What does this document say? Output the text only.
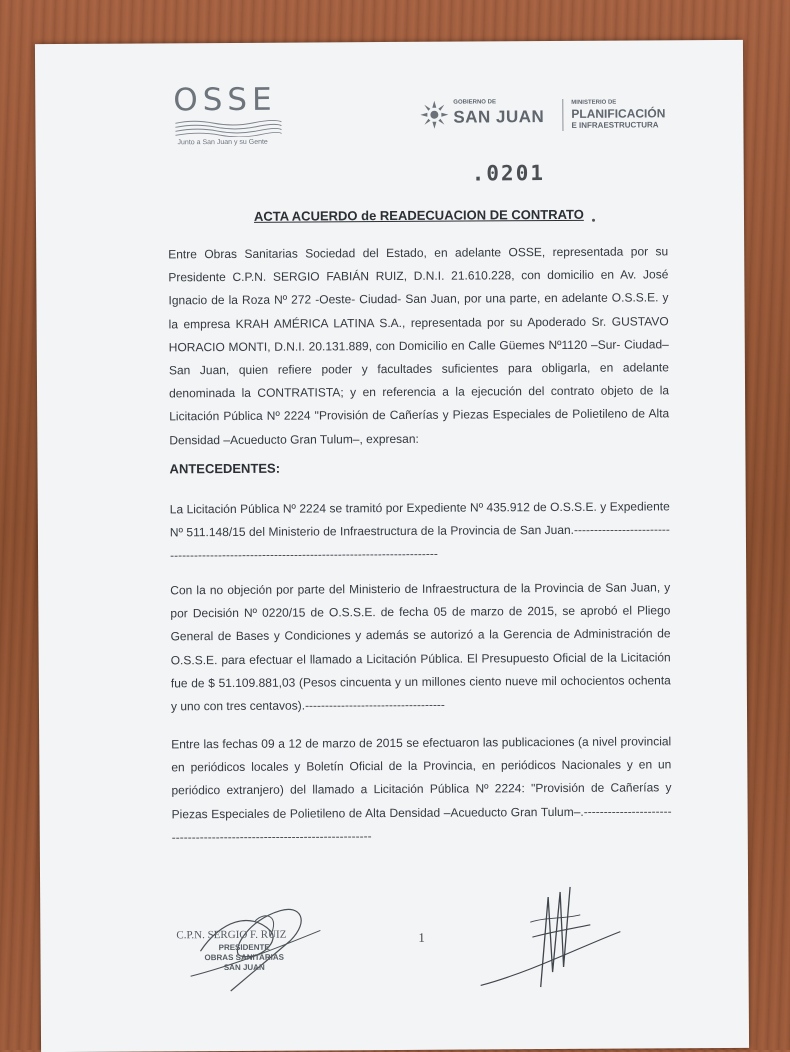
OSSE
Junto a San Juan y su Gente
GOBIERNO DE
SAN JUAN
MINISTERIO DE
PLANIFICACIÓN
E INFRAESTRUCTURA
.0201
ACTA ACUERDO de READECUACION DE CONTRATO

Entre Obras Sanitarias Sociedad del Estado, en adelante OSSE, representada por su Presidente C.P.N. SERGIO FABIÁN RUIZ, D.N.I. 21.610.228, con domicilio en Av. José Ignacio de la Roza Nº 272 -Oeste- Ciudad- San Juan, por una parte, en adelante O.S.S.E. y la empresa KRAH AMÉRICA LATINA S.A., representada por su Apoderado Sr. GUSTAVO HORACIO MONTI, D.N.I. 20.131.889, con Domicilio en Calle Güemes Nº1120 –Sur- Ciudad– San Juan, quien refiere poder y facultades suficientes para obligarla, en adelante denominada la CONTRATISTA; y en referencia a la ejecución del contrato objeto de la Licitación Pública Nº 2224 "Provisión de Cañerías y Piezas Especiales de Polietileno de Alta Densidad –Acueducto Gran Tulum–, expresan:

ANTECEDENTES:

La Licitación Pública Nº 2224 se tramitó por Expediente Nº 435.912 de O.S.S.E. y Expediente Nº 511.148/15 del Ministerio de Infraestructura de la Provincia de San Juan.-------------------------------------------------------------------------------------------

Con la no objeción por parte del Ministerio de Infraestructura de la Provincia de San Juan, y por Decisión Nº 0220/15 de O.S.S.E. de fecha 05 de marzo de 2015, se aprobó el Pliego General de Bases y Condiciones y además se autorizó a la Gerencia de Administración de O.S.S.E. para efectuar el llamado a Licitación Pública. El Presupuesto Oficial de la Licitación fue de $ 51.109.881,03 (Pesos cincuenta y un millones ciento nueve mil ochocientos ochenta y uno con tres centavos).-----------------------------------

Entre las fechas 09 a 12 de marzo de 2015 se efectuaron las publicaciones (a nivel provincial en periódicos locales y Boletín Oficial de la Provincia, en periódicos Nacionales y en un periódico extranjero) del llamado a Licitación Pública Nº 2224: "Provisión de Cañerías y Piezas Especiales de Polietileno de Alta Densidad –Acueducto Gran Tulum–.------------------------------------------------------------------------

C.P.N. SERGIO F. RUIZ
PRESIDENTE
OBRAS SANITARIAS
SAN JUAN
1
